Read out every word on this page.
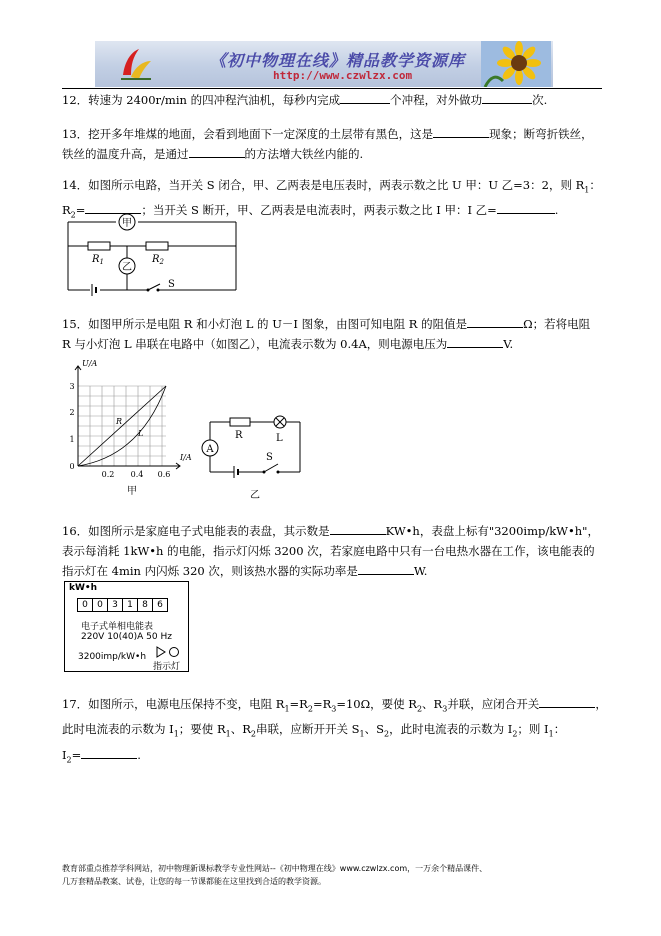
《初中物理在线》精品教学资源库
http://www.czwlzx.com
12．转速为 2400r/min 的四冲程汽油机，每秒内完成	个冲程，对外做功	次.
13．挖开多年堆煤的地面，会看到地面下一定深度的土层带有黑色，这是	现象；断弯折铁丝，
铁丝的温度升高，是通过	的方法增大铁丝内能的.
14．如图所示电路，当开关 S 闭合，甲、乙两表是电压表时，两表示数之比 U 甲：U 乙=3：2，则 $R_1$：
$R_2=$	；当开关 S 断开，甲、乙两表是电流表时，两表示数之比 I 甲：I 乙=	.
甲
乙
$R_1$	$R_2$
S
15．如图甲所示是电阻 R 和小灯泡 L 的 U－I 图象，由图可知电阻 R 的阻值是	Ω；若将电阻
R 与小灯泡 L 串联在电路中（如图乙），电流表示数为 0.4A，则电源电压为	V.
U/A
I/A
0
1
2
3
0.2 0.4 0.6
R
L
甲
R	L
A
S
乙
16．如图所示是家庭电子式电能表的表盘，其示数是	KW•h，表盘上标有"3200imp/kW•h"，
表示每消耗 1kW•h 的电能，指示灯闪烁 3200 次，若家庭电路中只有一台电热水器在工作，该电能表的
指示灯在 4min 内闪烁 320 次，则该热水器的实际功率是	W.
kW•h
0	0	3	1	8	6
电子式单相电能表
220V 10(40)A 50 Hz
3200imp/kW•h
指示灯
17．如图所示，电源电压保持不变，电阻 $R_1=R_2=R_3=10\Omega$，要使 $R_2$、$R_3$并联，应闭合开关	，
此时电流表的示数为 $I_1$；要使 $R_1$、$R_2$串联，应断开开关 $S_1$、$S_2$，此时电流表的示数为 $I_2$；则 $I_1$：
$I_2=$	.
教育部重点推荐学科网站，初中物理新课标教学专业性网站--《初中物理在线》www.czwlzx.com，一万余个精品课件、
几万套精品教案、试卷，让您的每一节课都能在这里找到合适的教学资源。
